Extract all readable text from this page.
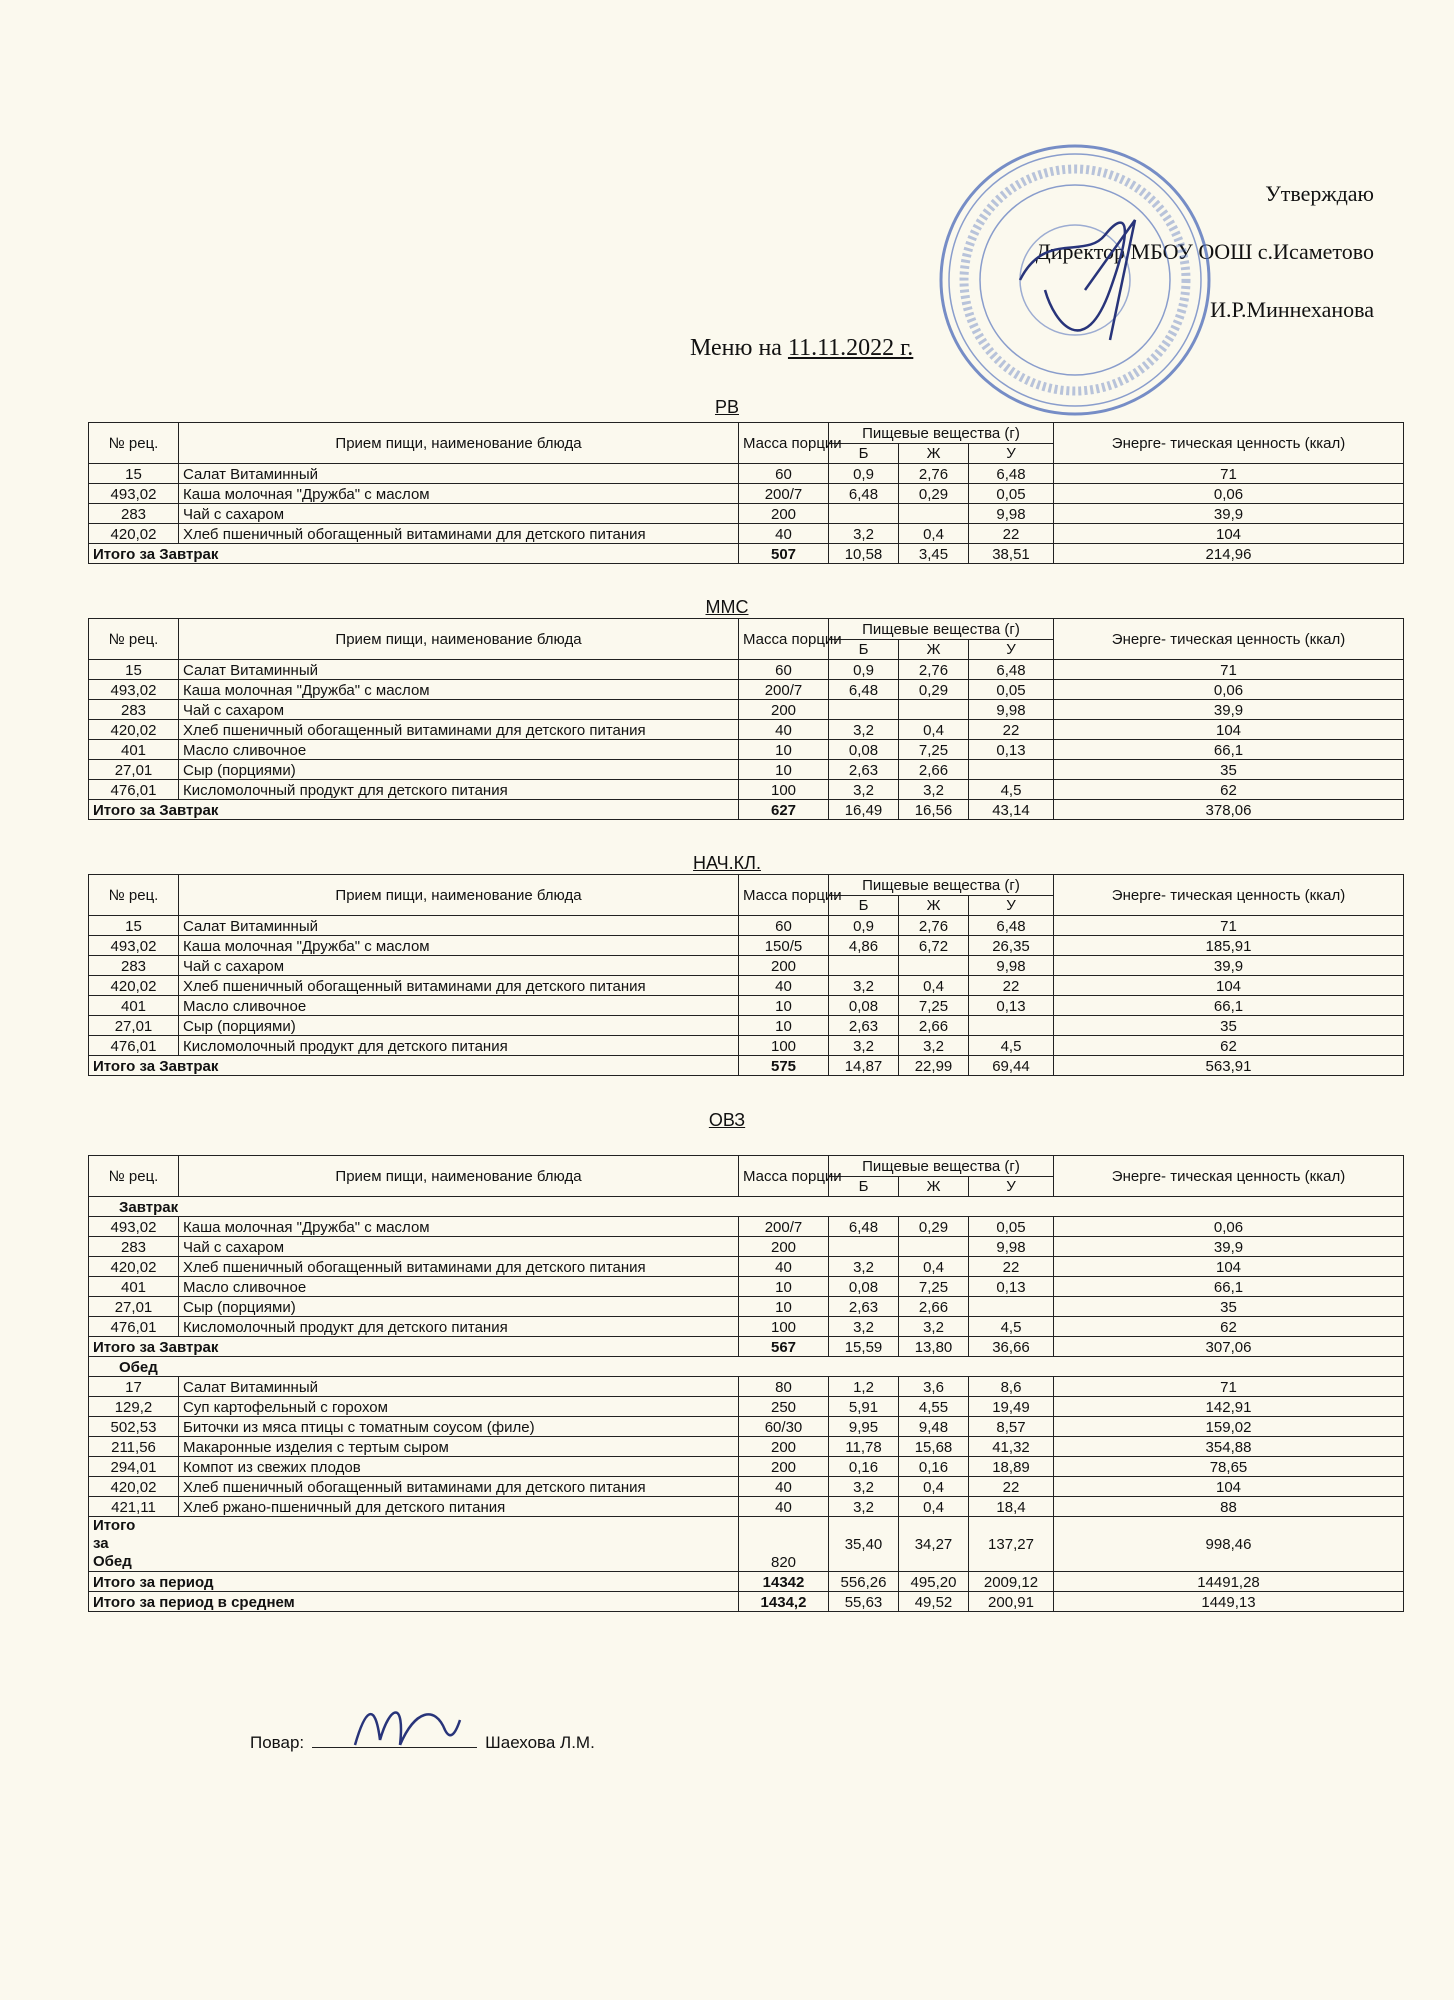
Утверждаю
Директор МБОУ ООШ с.Исаметово
И.Р.Миннеханова
Меню на 11.11.2022 г.
РВ
№ рец.	Прием пищи, наименование блюда	Масса порции	Пищевые вещества (г)			Энерге- тическая ценность (ккал)
			Б	Ж	У	
15	Салат Витаминный	60	0,9	2,76	6,48	71
493,02	Каша молочная "Дружба" с маслом	200/7	6,48	0,29	0,05	0,06
283	Чай с сахаром	200			9,98	39,9
420,02	Хлеб пшеничный обогащенный витаминами для детского питания	40	3,2	0,4	22	104
Итого за Завтрак		507	10,58	3,45	38,51	214,96
ММС
№ рец.	Прием пищи, наименование блюда	Масса порции	Пищевые вещества (г)			Энерге- тическая ценность (ккал)
			Б	Ж	У	
15	Салат Витаминный	60	0,9	2,76	6,48	71
493,02	Каша молочная "Дружба" с маслом	200/7	6,48	0,29	0,05	0,06
283	Чай с сахаром	200			9,98	39,9
420,02	Хлеб пшеничный обогащенный витаминами для детского питания	40	3,2	0,4	22	104
401	Масло сливочное	10	0,08	7,25	0,13	66,1
27,01	Сыр (порциями)	10	2,63	2,66		35
476,01	Кисломолочный продукт для детского питания	100	3,2	3,2	4,5	62
Итого за Завтрак		627	16,49	16,56	43,14	378,06
НАЧ.КЛ.
№ рец.	Прием пищи, наименование блюда	Масса порции	Пищевые вещества (г)			Энерге- тическая ценность (ккал)
			Б	Ж	У	
15	Салат Витаминный	60	0,9	2,76	6,48	71
493,02	Каша молочная "Дружба" с маслом	150/5	4,86	6,72	26,35	185,91
283	Чай с сахаром	200			9,98	39,9
420,02	Хлеб пшеничный обогащенный витаминами для детского питания	40	3,2	0,4	22	104
401	Масло сливочное	10	0,08	7,25	0,13	66,1
27,01	Сыр (порциями)	10	2,63	2,66		35
476,01	Кисломолочный продукт для детского питания	100	3,2	3,2	4,5	62
Итого за Завтрак		575	14,87	22,99	69,44	563,91
ОВЗ
№ рец.	Прием пищи, наименование блюда	Масса порции	Пищевые вещества (г)			Энерге- тическая ценность (ккал)
			Б	Ж	У	
Завтрак						
493,02	Каша молочная "Дружба" с маслом	200/7	6,48	0,29	0,05	0,06
283	Чай с сахаром	200			9,98	39,9
420,02	Хлеб пшеничный обогащенный витаминами для детского питания	40	3,2	0,4	22	104
401	Масло сливочное	10	0,08	7,25	0,13	66,1
27,01	Сыр (порциями)	10	2,63	2,66		35
476,01	Кисломолочный продукт для детского питания	100	3,2	3,2	4,5	62
Итого за Завтрак		567	15,59	13,80	36,66	307,06
Обед						
17	Салат Витаминный	80	1,2	3,6	8,6	71
129,2	Суп картофельный с горохом	250	5,91	4,55	19,49	142,91
502,53	Биточки из мяса птицы с томатным соусом (филе)	60/30	9,95	9,48	8,57	159,02
211,56	Макаронные изделия с тертым сыром	200	11,78	15,68	41,32	354,88
294,01	Компот из свежих плодов	200	0,16	0,16	18,89	78,65
420,02	Хлеб пшеничный обогащенный витаминами для детского питания	40	3,2	0,4	22	104
421,11	Хлеб ржано-пшеничный для детского питания	40	3,2	0,4	18,4	88

Итого
за
Обед		820	35,40	34,27	137,27	998,46
Итого за период		14342	556,26	495,20	2009,12	14491,28
Итого за период в среднем		1434,2	55,63	49,52	200,91	1449,13
Повар:	Шаехова Л.М.
